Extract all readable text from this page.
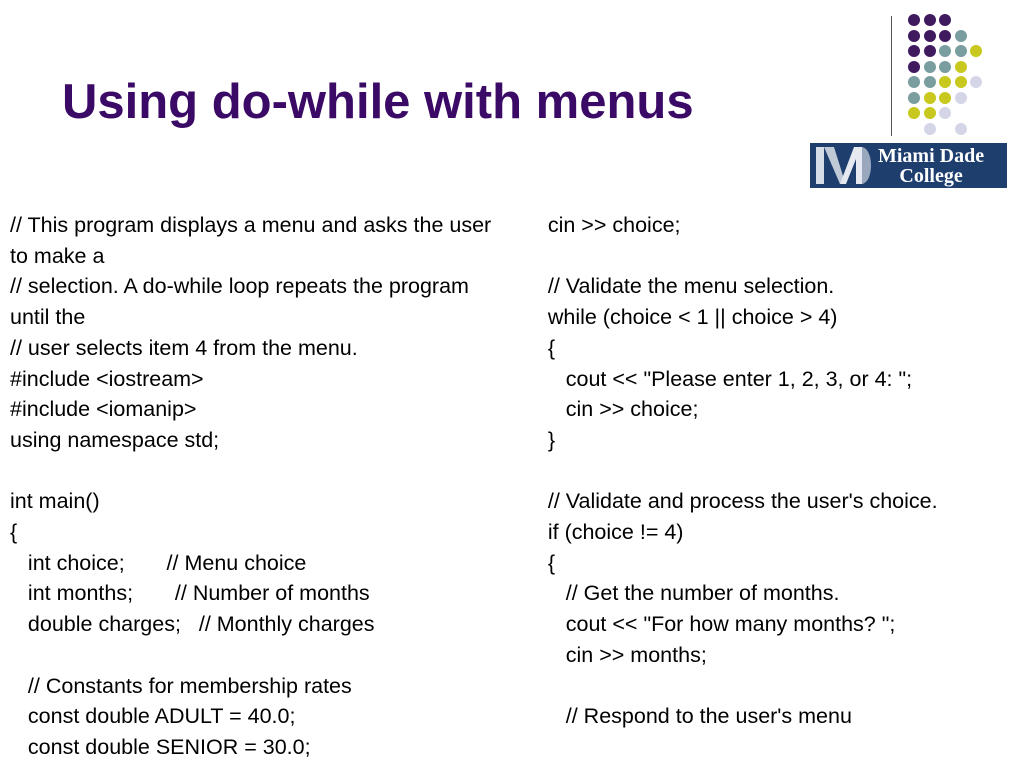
Using do-while with menus
Miami Dade
College
// This program displays a menu and asks the user to make a
// selection. A do-while loop repeats the program until the
// user selects item 4 from the menu.
#include <iostream>
#include <iomanip>
using namespace std;
int main()
{
int choice;       // Menu choice
int months;       // Number of months
double charges;   // Monthly charges
// Constants for membership rates
const double ADULT = 40.0;
const double SENIOR = 30.0;
cin >> choice;
// Validate the menu selection.
while (choice < 1 || choice > 4)
{
cout << "Please enter 1, 2, 3, or 4: ";
cin >> choice;
}
// Validate and process the user's choice.
if (choice != 4)
{
// Get the number of months.
cout << "For how many months? ";
cin >> months;
// Respond to the user's menu
